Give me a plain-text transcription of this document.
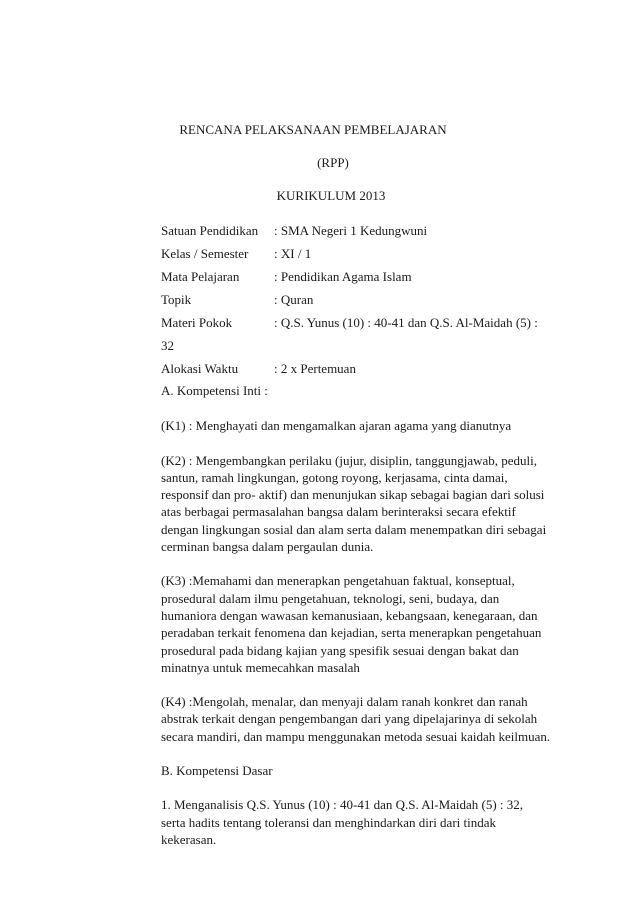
RENCANA PELAKSANAAN PEMBELAJARAN
(RPP)
KURIKULUM 2013
Satuan Pendidikan	: SMA Negeri 1 Kedungwuni
Kelas / Semester	: XI / 1
Mata Pelajaran	: Pendidikan Agama Islam
Topik	: Quran
Materi Pokok	: Q.S. Yunus (10) : 40-41 dan Q.S. Al-Maidah (5) :
32
Alokasi Waktu	: 2 x Pertemuan

A. Kompetensi Inti :

(K1) : Menghayati dan mengamalkan ajaran agama yang dianutnya

(K2) : Mengembangkan perilaku (jujur, disiplin, tanggungjawab, peduli,
santun, ramah lingkungan, gotong royong, kerjasama, cinta damai,
responsif dan pro- aktif) dan menunjukan sikap sebagai bagian dari solusi
atas berbagai permasalahan bangsa dalam berinteraksi secara efektif
dengan lingkungan sosial dan alam serta dalam menempatkan diri sebagai
cerminan bangsa dalam pergaulan dunia.

(K3) :Memahami dan menerapkan pengetahuan faktual, konseptual,
prosedural dalam ilmu pengetahuan, teknologi, seni, budaya, dan
humaniora dengan wawasan kemanusiaan, kebangsaan, kenegaraan, dan
peradaban terkait fenomena dan kejadian, serta menerapkan pengetahuan
prosedural pada bidang kajian yang spesifik sesuai dengan bakat dan
minatnya untuk memecahkan masalah

(K4) :Mengolah, menalar, dan menyaji dalam ranah konkret dan ranah
abstrak terkait dengan pengembangan dari yang dipelajarinya di sekolah
secara mandiri, dan mampu menggunakan metoda sesuai kaidah keilmuan.

B. Kompetensi Dasar

1. Menganalisis Q.S. Yunus (10) : 40-41 dan Q.S. Al-Maidah (5) : 32,
serta hadits tentang toleransi dan menghindarkan diri dari tindak
kekerasan.
